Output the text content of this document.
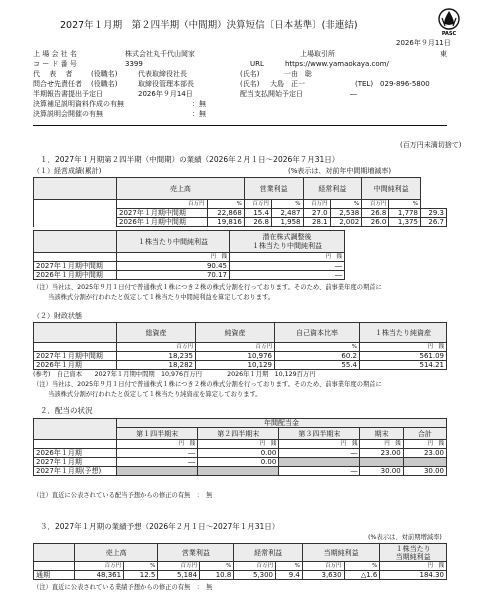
2027年１月期　第２四半期（中間期）決算短信〔日本基準〕(非連結)
PASC
2026年９月11日
上 場 会 社 名	株式会社丸千代山岡家	上場取引所	東
コ ー ド 番 号	3399	URL	https://www.yamaokaya.com/
代　 表 　者	(役職名)	代表取締役社長	(氏名)	一由　聡
問合せ先責任者 (役職名)	取締役管理本部長	(氏名) 大島　正一	(TEL)　029-896-5800
半期報告書提出予定日	2026年９月14日	配当支払開始予定日	―
決算補足説明資料作成の有無	：無
決算説明会開催の有無	：無
(百万円未満切捨て)
１．2027年１月期第２四半期（中間期）の業績（2026年２月１日～2026年７月31日）
（１）経営成績(累計)	(%表示は、対前年中間期増減率)
	売上高		営業利益		経常利益		中間純利益		
	百万円	%	百万円	%	百万円	%	百万円	%	
	2027年１月期中間期	22,868	15.4	2,487	27.0	2,538	26.8	1,778	29.3
	2026年１月期中間期	19,816	26.8	1,958	28.1	2,002	26.0	1,375	26.7
	１株当たり中間純利益	潜在株式調整後
１株当たり中間純利益
	円　銭	円　銭
2027年１月期中間期	90.45	―
2026年１月期中間期	70.17	―
（注）当社は、2025年９月１日付で普通株式１株につき２株の株式分割を行っております。そのため、前事業年度の期首に
当該株式分割が行われたと仮定して１株当たり中間純利益を算定しております。
（２）財政状態
	総資産	純資産	自己資本比率	１株当たり純資産
	百万円	百万円	%	円　銭
2027年１月期中間期	18,235	10,976	60.2	561.09
2026年１月期	18,282	10,129	55.4	514.21
(参考)　自己資本　　2027年１月期中間期　10,976百万円　　　　2026年１月期　10,129百万円
（注）当社は、2025年９月１日付で普通株式１株につき２株の株式分割を行っております。そのため、前事業年度の期首に
当該株式分割が行われたと仮定して１株当たり純資産を算定しております。
２．配当の状況
	年間配当金				
	第１四半期末	第２四半期末	第３四半期末	期末	合計
	円　銭	円　銭	円　銭	円　銭	円　銭
2026年１月期	―	0.00	―	23.00	23.00
2027年１月期	―	0.00			
2027年１月期(予想)			―	30.00	30.00
（注）直近に公表されている配当予想からの修正の有無　：　無
３．2027年１月期の業績予想（2026年２月１日～2027年１月31日）
(%表示は、対前期増減率)
	売上高		営業利益		経常利益		当期純利益		１株当たり
当期純利益
	百万円	%	百万円	%	百万円	%	百万円	%	円　銭
通期	48,361	12.5	5,184	10.8	5,300	9.4	3,630	△1.6	184.30
（注）直近に公表されている業績予想からの修正の有無　：　無
